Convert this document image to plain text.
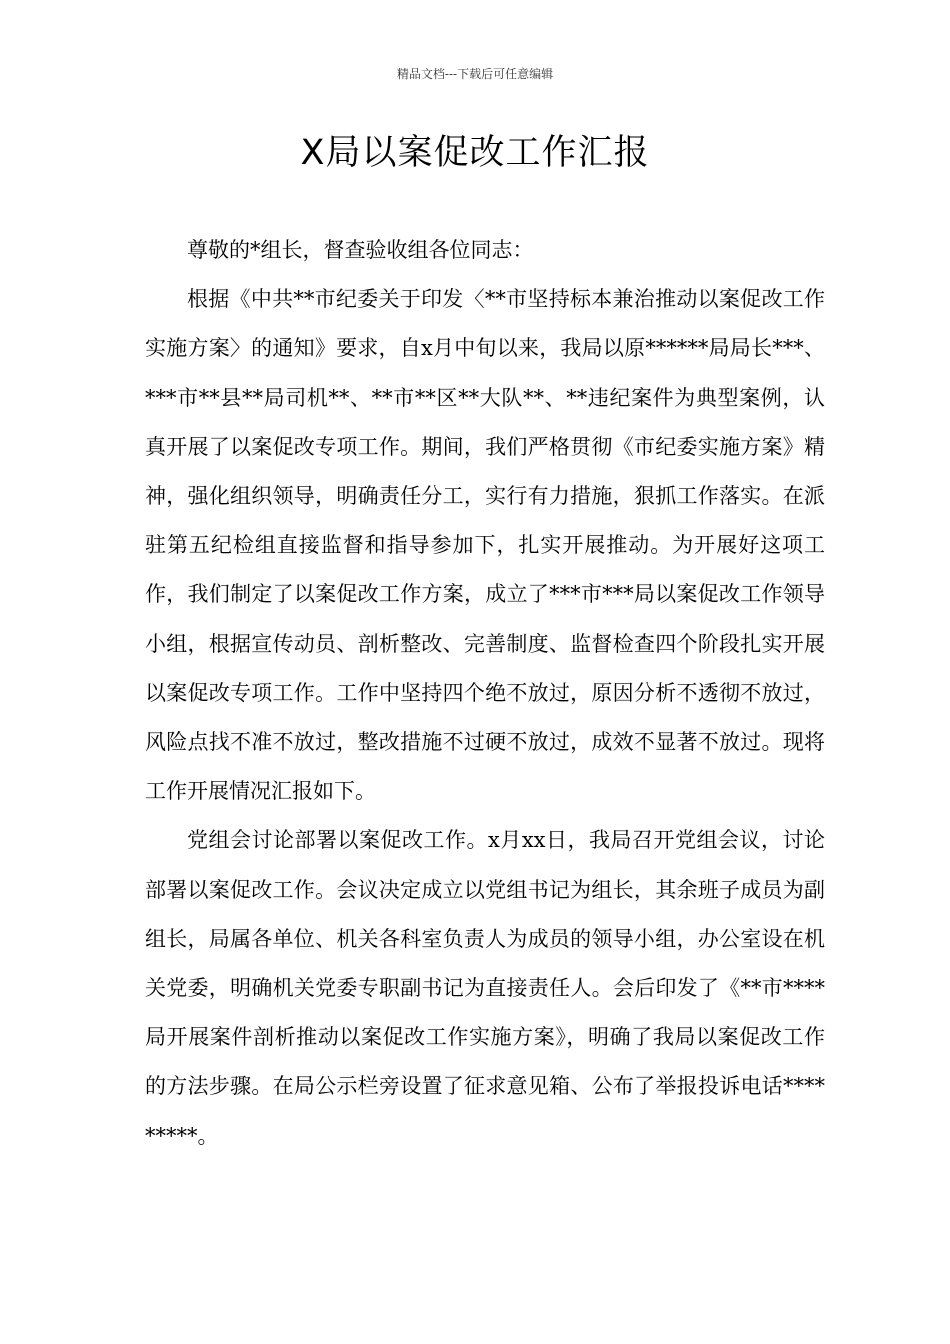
精品文档---下载后可任意编辑
X局以案促改工作汇报

尊敬的*组长，督查验收组各位同志：

根据《中共**市纪委关于印发〈**市坚持标本兼治推动以案促改工作实施方案〉的通知》要求，自x月中旬以来，我局以原******局局长***、***市**县**局司机**、**市**区**大队**、**违纪案件为典型案例，认真开展了以案促改专项工作。期间，我们严格贯彻《市纪委实施方案》精神，强化组织领导，明确责任分工，实行有力措施，狠抓工作落实。在派驻第五纪检组直接监督和指导参加下，扎实开展推动。为开展好这项工作，我们制定了以案促改工作方案，成立了***市***局以案促改工作领导小组，根据宣传动员、剖析整改、完善制度、监督检查四个阶段扎实开展以案促改专项工作。工作中坚持四个绝不放过，原因分析不透彻不放过，风险点找不准不放过，整改措施不过硬不放过，成效不显著不放过。现将工作开展情况汇报如下。

党组会讨论部署以案促改工作。x月xx日，我局召开党组会议，讨论部署以案促改工作。会议决定成立以党组书记为组长，其余班子成员为副组长，局属各单位、机关各科室负责人为成员的领导小组，办公室设在机关党委，明确机关党委专职副书记为直接责任人。会后印发了《**市****局开展案件剖析推动以案促改工作实施方案》，明确了我局以案促改工作的方法步骤。在局公示栏旁设置了征求意见箱、公布了举报投诉电话*********。
